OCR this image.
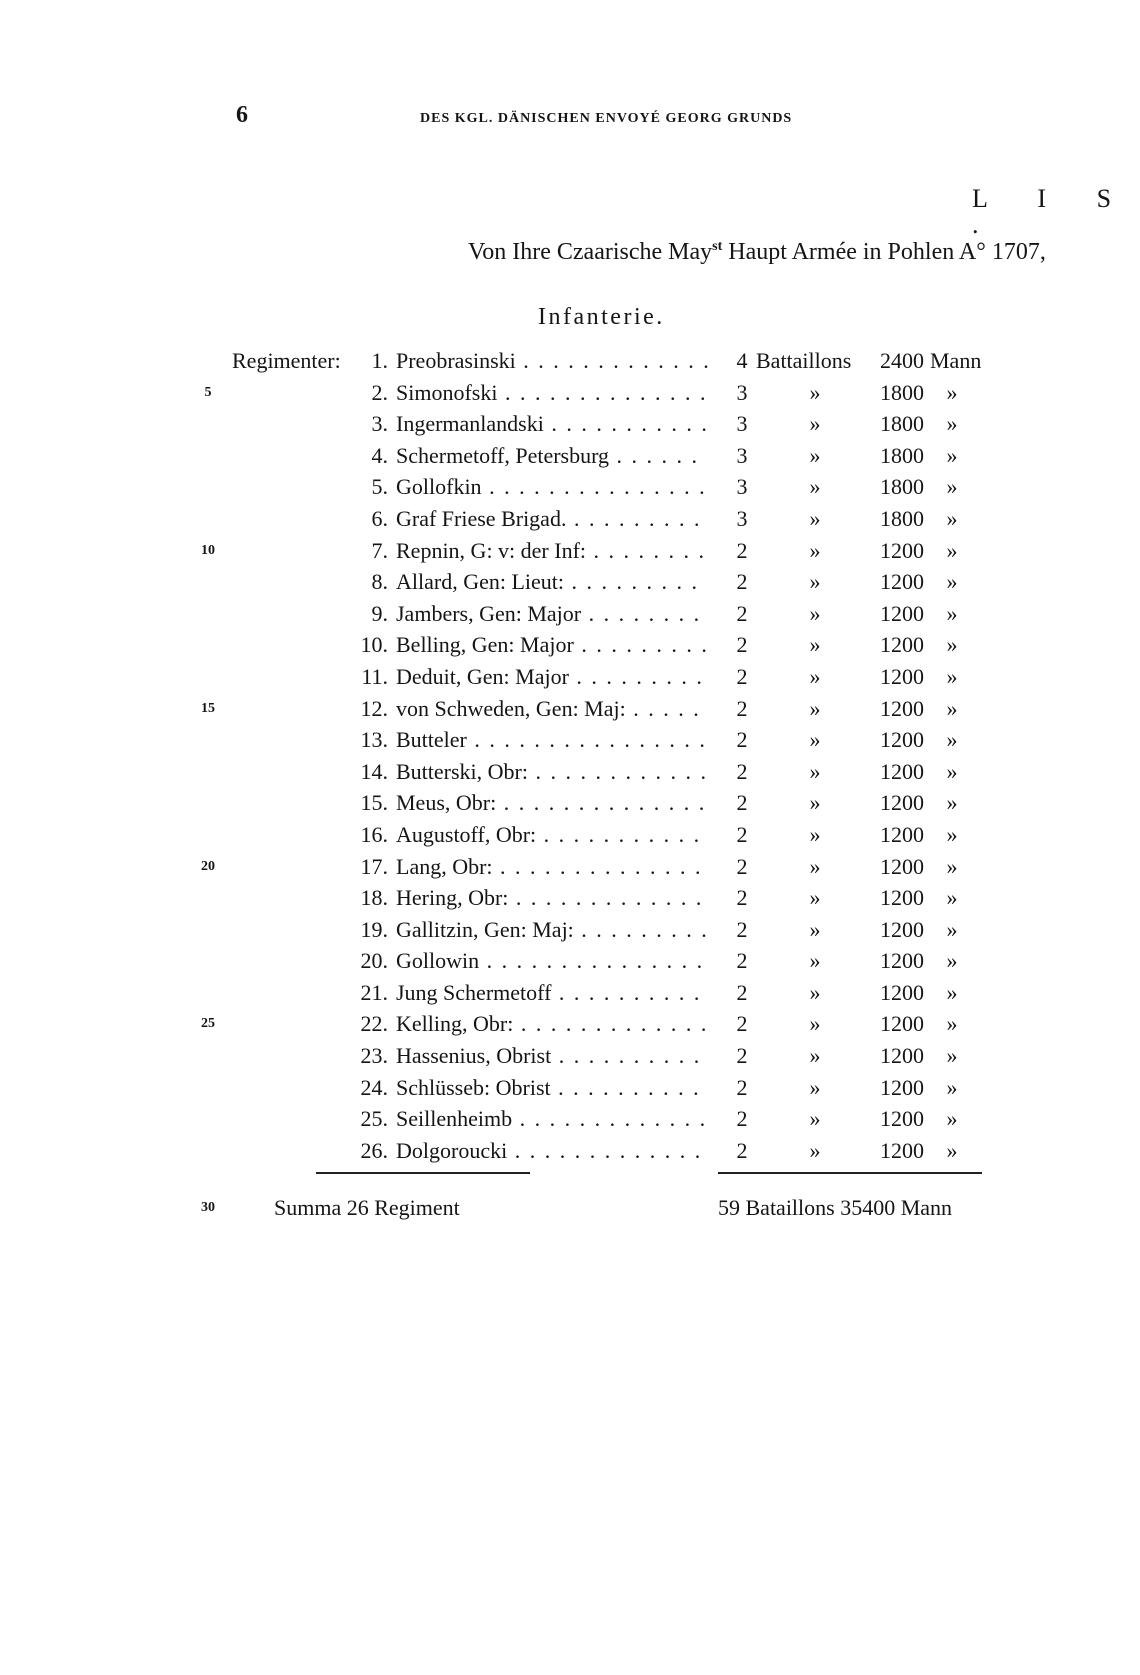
6	DES KGL. DÄNISCHEN ENVOYÉ GEORG GRUNDS
L I S .
Von Ihre Czaarische May$^{st}$ Haupt Armée in Pohlen A° 1707,
Infanterie.
Regimenter:	1. Preobrasinski . . .	4 Battaillons	2400 Mann
5	2. Simonofski . . .	3	»	1800 »
3. Ingermanlandski . . .	3	»	1800 »
4. Schermetoff, Petersburg . . .	3	»	1800 »
5. Gollofkin . . .	3	»	1800 »
6. Graf Friese Brigad. . . .	3	»	1800 »
10	7. Repnin, G: v: der Inf: . . .	2	»	1200 »
8. Allard, Gen: Lieut: . . .	2	»	1200 »
9. Jambers, Gen: Major . . .	2	»	1200 »
10. Belling, Gen: Major . . .	2	»	1200 »
11. Deduit, Gen: Major . . .	2	»	1200 »
15	12. von Schweden, Gen: Maj: . . .	2	»	1200 »
13. Butteler . . .	2	»	1200 »
14. Butterski, Obr: . . .	2	»	1200 »
15. Meus, Obr: . . .	2	»	1200 »
16. Augustoff, Obr: . . .	2	»	1200 »
20	17. Lang, Obr: . . .	2	»	1200 »
18. Hering, Obr: . . .	2	»	1200 »
19. Gallitzin, Gen: Maj: . . .	2	»	1200 »
20. Gollowin . . .	2	»	1200 »
21. Jung Schermetoff . . .	2	»	1200 »
25	22. Kelling, Obr: . . .	2	»	1200 »
23. Hassenius, Obrist . . .	2	»	1200 »
24. Schlüsseb: Obrist . . .	2	»	1200 »
25. Seillenheimb . . .	2	»	1200 »
26. Dolgoroucki . . .	2	»	1200 »
30	Summa 26 Regiment	59 Bataillons 35400 Mann
